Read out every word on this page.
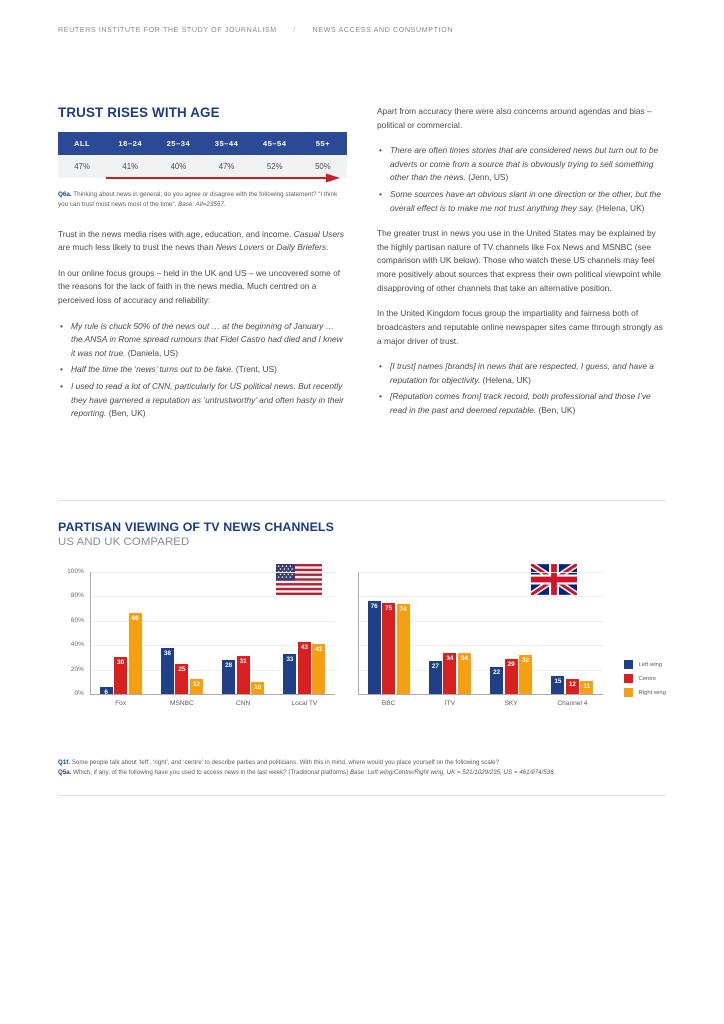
REUTERS INSTITUTE FOR THE STUDY OF JOURNALISM / NEWS ACCESS AND CONSUMPTION
TRUST RISES WITH AGE
ALL	18–24	25–34	35–44	45–54	55+
47%	41%	40%	47%	52%	50%

Q6a. Thinking about news in general, do you agree or disagree with the following statement? “I think you can trust most news most of the time”. Base: All=23557.

Trust in the news media rises with age, education, and income. Casual Users are much less likely to trust the news than News Lovers or Daily Briefers.

In our online focus groups – held in the UK and US – we uncovered some of the reasons for the lack of faith in the news media. Much centred on a perceived loss of accuracy and reliability:

• My rule is chuck 50% of the news out … at the beginning of January … the ANSA in Rome spread rumours that Fidel Castro had died and I knew it was not true. (Daniela, US)
• Half the time the ‘news’ turns out to be fake. (Trent, US)
• I used to read a lot of CNN, particularly for US political news. But recently they have garnered a reputation as ‘untrustworthy’ and often hasty in their reporting. (Ben, UK)

Apart from accuracy there were also concerns around agendas and bias – political or commercial.

• There are often times stories that are considered news but turn out to be adverts or come from a source that is obviously trying to sell something other than the news. (Jenn, US)
• Some sources have an obvious slant in one direction or the other, but the overall effect is to make me not trust anything they say. (Helena, UK)

The greater trust in news you use in the United States may be explained by the highly partisan nature of TV channels like Fox News and MSNBC (see comparison with UK below). Those who watch these US channels may feel more positively about sources that express their own political viewpoint while disapproving of other channels that take an alternative position.

In the United Kingdom focus group the impartiality and fairness both of broadcasters and reputable online newspaper sites came through strongly as a major driver of trust.

• [I trust] names [brands] in news that are respected, I guess, and have a reputation for objectivity. (Helena, UK)
• [Reputation comes from] track record, both professional and those I’ve read in the past and deemed reputable. (Ben, UK)
PARTISAN VIEWING OF TV NEWS CHANNELS
US AND UK COMPARED
Left wing
Centre
Right wing
0%
20%
40%
60%
80%
100%
6
30
66
Fox
38
25
12
MSNBC
28
31
10
CNN
33
43	41
Local TV
76	75	74
BBC
27
34	34
ITV
22
29
32
SKY
15
12	11
Channel 4
Q1f. Some people talk about ‘left’, ‘right’, and ‘centre’ to describe parties and politicians. With this in mind, where would you place yourself on the following scale?
Q5a. Which, if any, of the following have you used to access news in the last week? (Traditional platforms) Base: Left wing/Centre/Right wing, UK = 521/1029/235, US = 461/974/536.
